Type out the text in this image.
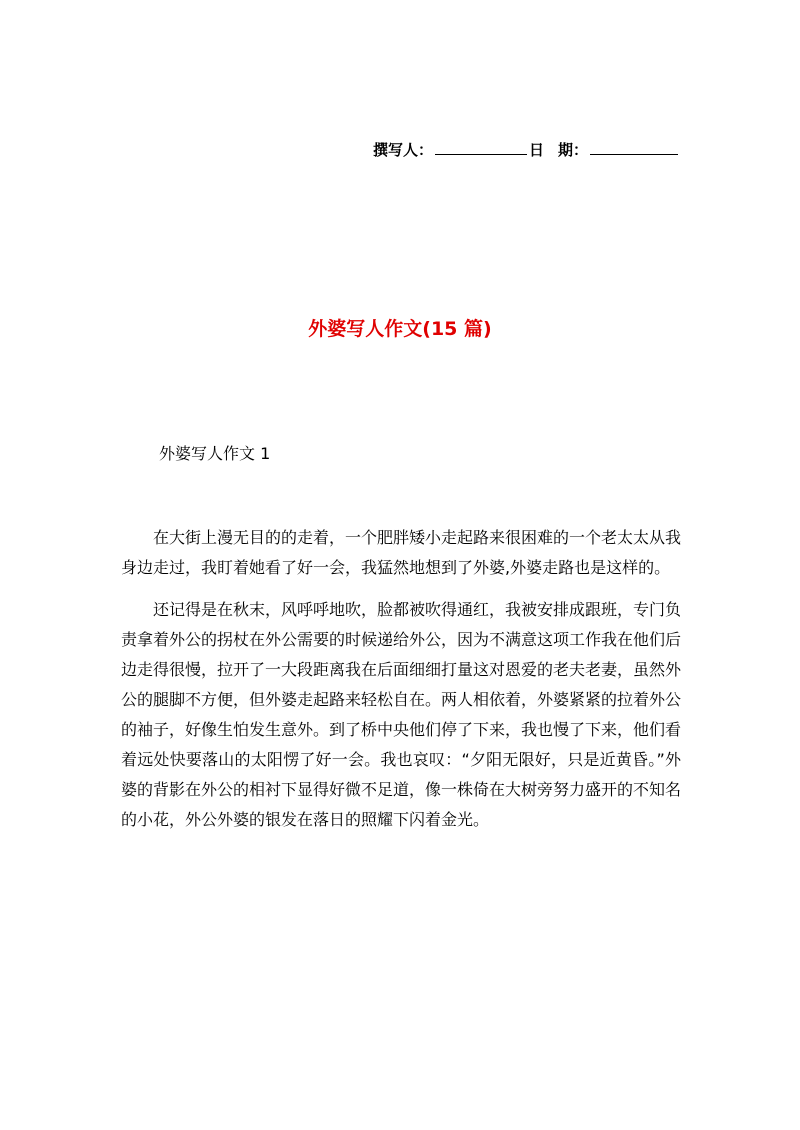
撰写人：	日 期：
外婆写人作文(15 篇)
外婆写人作文 1

在大街上漫无目的的走着，一个肥胖矮小走起路来很困难的一个老太太从我身边走过，我盯着她看了好一会，我猛然地想到了外婆,外婆走路也是这样的。

还记得是在秋末，风呼呼地吹，脸都被吹得通红，我被安排成跟班，专门负责拿着外公的拐杖在外公需要的时候递给外公，因为不满意这项工作我在他们后边走得很慢，拉开了一大段距离我在后面细细打量这对恩爱的老夫老妻，虽然外公的腿脚不方便，但外婆走起路来轻松自在。两人相依着，外婆紧紧的拉着外公的袖子，好像生怕发生意外。到了桥中央他们停了下来，我也慢了下来，他们看着远处快要落山的太阳愣了好一会。我也哀叹：“夕阳无限好，只是近黄昏。”外婆的背影在外公的相衬下显得好微不足道，像一株倚在大树旁努力盛开的不知名的小花，外公外婆的银发在落日的照耀下闪着金光。
